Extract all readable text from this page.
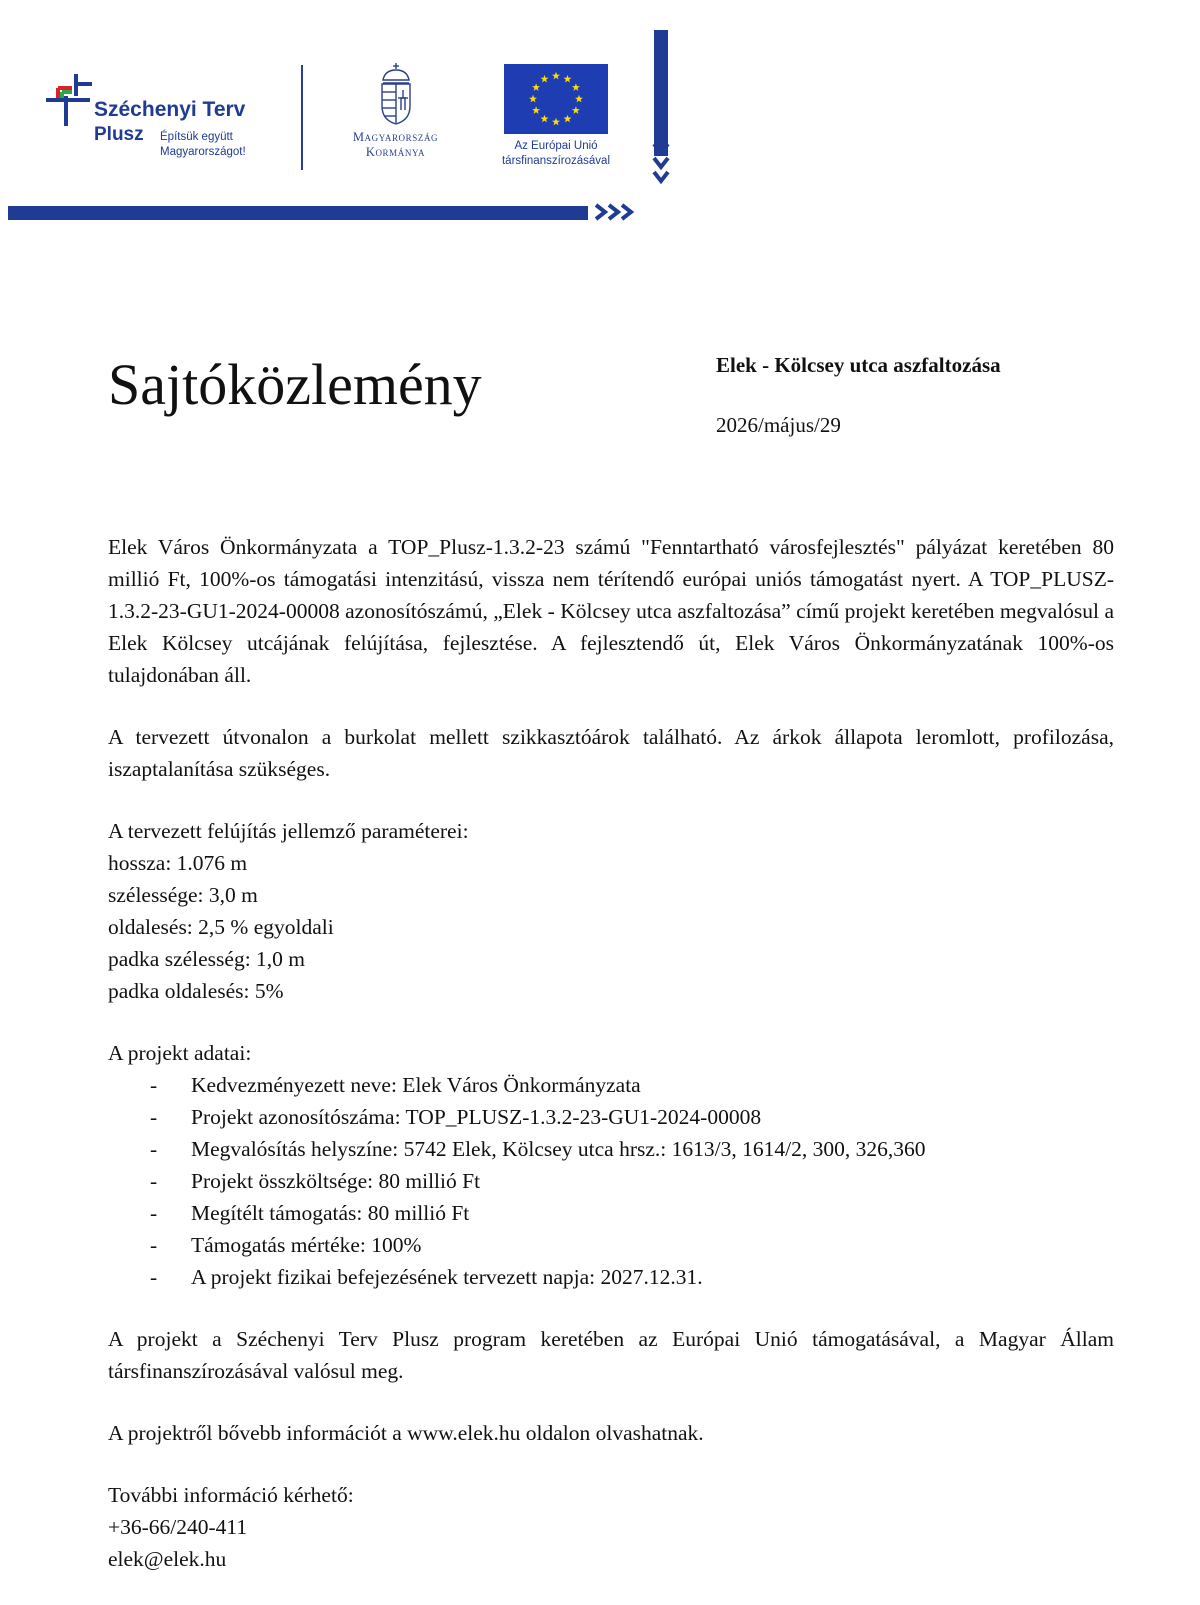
Széchenyi Terv
Plusz Építsük együtt Magyarországot!
Magyarország
Kormánya	Az Európai Unió
társfinanszírozásával
Sajtóközlemény	Elek - Kölcsey utca aszfaltozása
2026/május/29

Elek Város Önkormányzata a TOP_Plusz-1.3.2-23 számú "Fenntartható városfejlesztés" pályázat keretében 80 millió Ft, 100%-os támogatási intenzitású, vissza nem térítendő európai uniós támogatást nyert. A TOP_PLUSZ-1.3.2-23-GU1-2024-00008 azonosítószámú, „Elek - Kölcsey utca aszfaltozása” című projekt keretében megvalósul a Elek Kölcsey utcájának felújítása, fejlesztése. A fejlesztendő út, Elek Város Önkormányzatának 100%-os tulajdonában áll.

A tervezett útvonalon a burkolat mellett szikkasztóárok található. Az árkok állapota leromlott, profilozása, iszaptalanítása szükséges.

A tervezett felújítás jellemző paraméterei:
hossza: 1.076 m
szélessége: 3,0 m
oldalesés: 2,5 % egyoldali
padka szélesség: 1,0 m
padka oldalesés: 5%
A projekt adatai:
- Kedvezményezett neve: Elek Város Önkormányzata
- Projekt azonosítószáma: TOP_PLUSZ-1.3.2-23-GU1-2024-00008
- Megvalósítás helyszíne: 5742 Elek, Kölcsey utca hrsz.: 1613/3, 1614/2, 300, 326,360
- Projekt összköltsége: 80 millió Ft
- Megítélt támogatás: 80 millió Ft
- Támogatás mértéke: 100%
- A projekt fizikai befejezésének tervezett napja: 2027.12.31.

A projekt a Széchenyi Terv Plusz program keretében az Európai Unió támogatásával, a Magyar Állam társfinanszírozásával valósul meg.

A projektről bővebb információt a www.elek.hu oldalon olvashatnak.

További információ kérhető:
+36-66/240-411
elek@elek.hu
